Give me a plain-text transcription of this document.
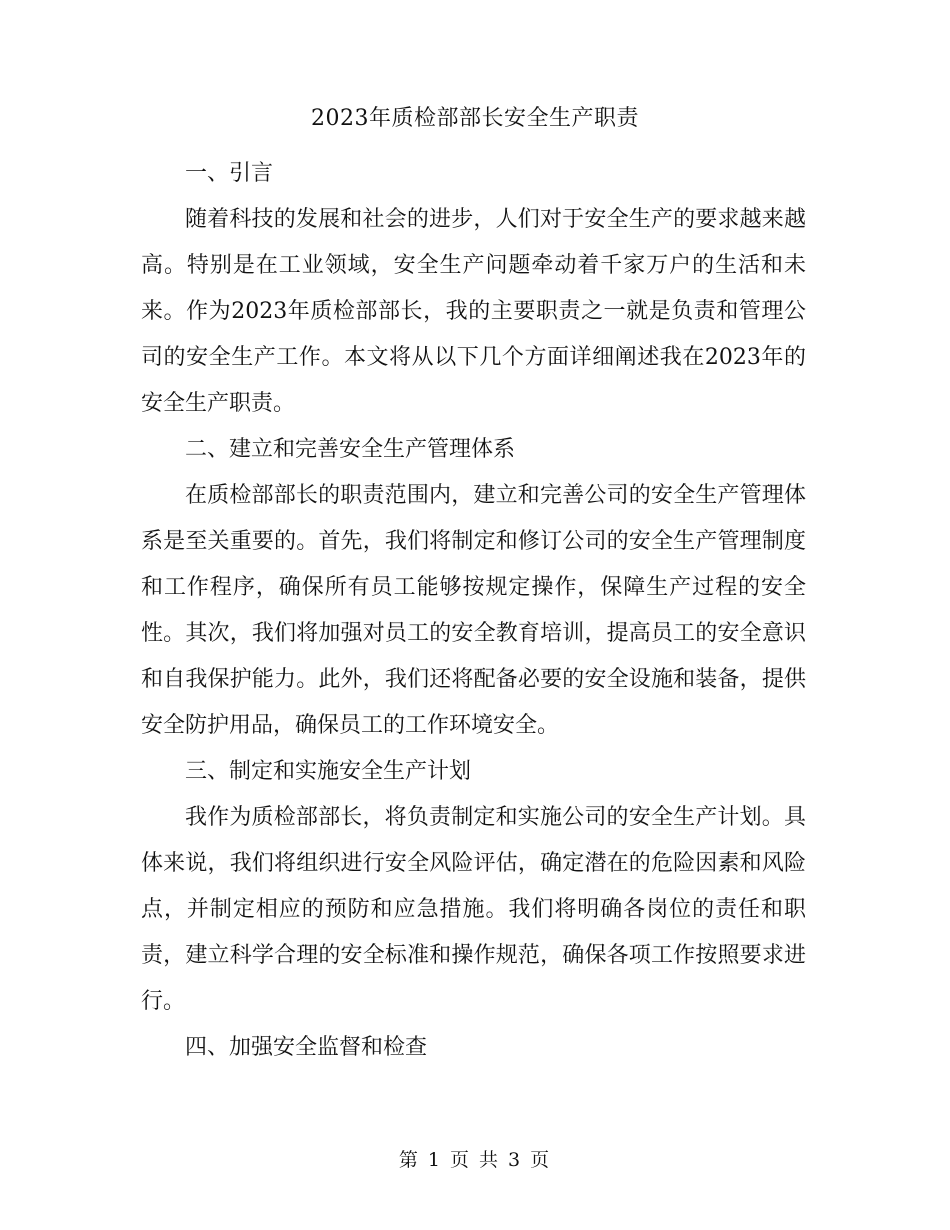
2023年质检部部长安全生产职责

一、引言

随着科技的发展和社会的进步，人们对于安全生产的要求越来越高。特别是在工业领域，安全生产问题牵动着千家万户的生活和未来。作为2023年质检部部长，我的主要职责之一就是负责和管理公司的安全生产工作。本文将从以下几个方面详细阐述我在2023年的安全生产职责。

二、建立和完善安全生产管理体系

在质检部部长的职责范围内，建立和完善公司的安全生产管理体系是至关重要的。首先，我们将制定和修订公司的安全生产管理制度和工作程序，确保所有员工能够按规定操作，保障生产过程的安全性。其次，我们将加强对员工的安全教育培训，提高员工的安全意识和自我保护能力。此外，我们还将配备必要的安全设施和装备，提供安全防护用品，确保员工的工作环境安全。

三、制定和实施安全生产计划

我作为质检部部长，将负责制定和实施公司的安全生产计划。具体来说，我们将组织进行安全风险评估，确定潜在的危险因素和风险点，并制定相应的预防和应急措施。我们将明确各岗位的责任和职责，建立科学合理的安全标准和操作规范，确保各项工作按照要求进行。

四、加强安全监督和检查

第 1 页 共 3 页
